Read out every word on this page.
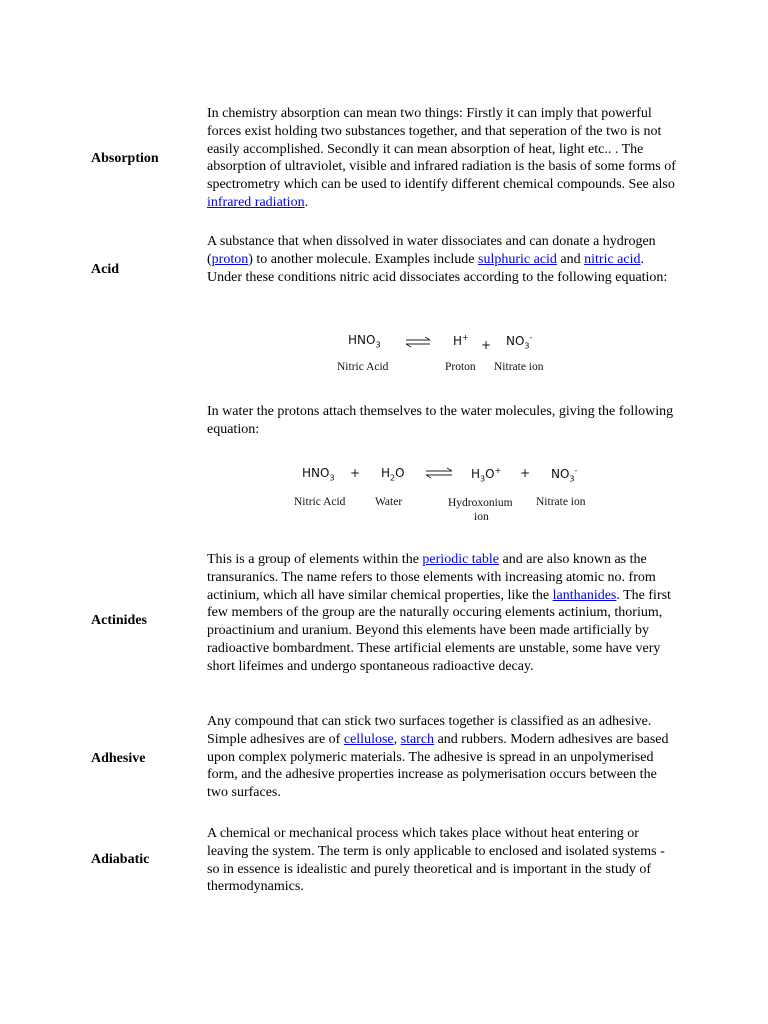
Absorption

In chemistry absorption can mean two things: Firstly it can imply that powerful forces exist holding two substances together, and that seperation of the two is not easily accomplished. Secondly it can mean absorption of heat, light etc.. . The absorption of ultraviolet, visible and infrared radiation is the basis of some forms of spectrometry which can be used to identify different chemical compounds. See also infrared radiation.

Acid

A substance that when dissolved in water dissociates and can donate a hydrogen (proton) to another molecule. Examples include sulphuric acid and nitric acid. Under these conditions nitric acid dissociates according to the following equation:

$HNO_3$	H+
+ $NO_3^-$
Nitric Acid	Proton Nitrate ion

In water the protons attach themselves to the water molecules, giving the following equation:

$HNO_3 + H_2O$ ⇌ $H_3O^+ + NO_3^-$
Nitric Acid	Water	Hydroxonium
ion
Nitrate ion
Actinides

This is a group of elements within the periodic table and are also known as the transuranics. The name refers to those elements with increasing atomic no. from actinium, which all have similar chemical properties, like the lanthanides. The first few members of the group are the naturally occuring elements actinium, thorium, proactinium and uranium. Beyond this elements have been made artificially by radioactive bombardment. These artificial elements are unstable, some have very short lifeimes and undergo spontaneous radioactive decay.

Adhesive

Any compound that can stick two surfaces together is classified as an adhesive. Simple adhesives are of cellulose, starch and rubbers. Modern adhesives are based upon complex polymeric materials. The adhesive is spread in an unpolymerised form, and the adhesive properties increase as polymerisation occurs between the two surfaces.

Adiabatic

A chemical or mechanical process which takes place without heat entering or leaving the system. The term is only applicable to enclosed and isolated systems - so in essence is idealistic and purely theoretical and is important in the study of thermodynamics.
